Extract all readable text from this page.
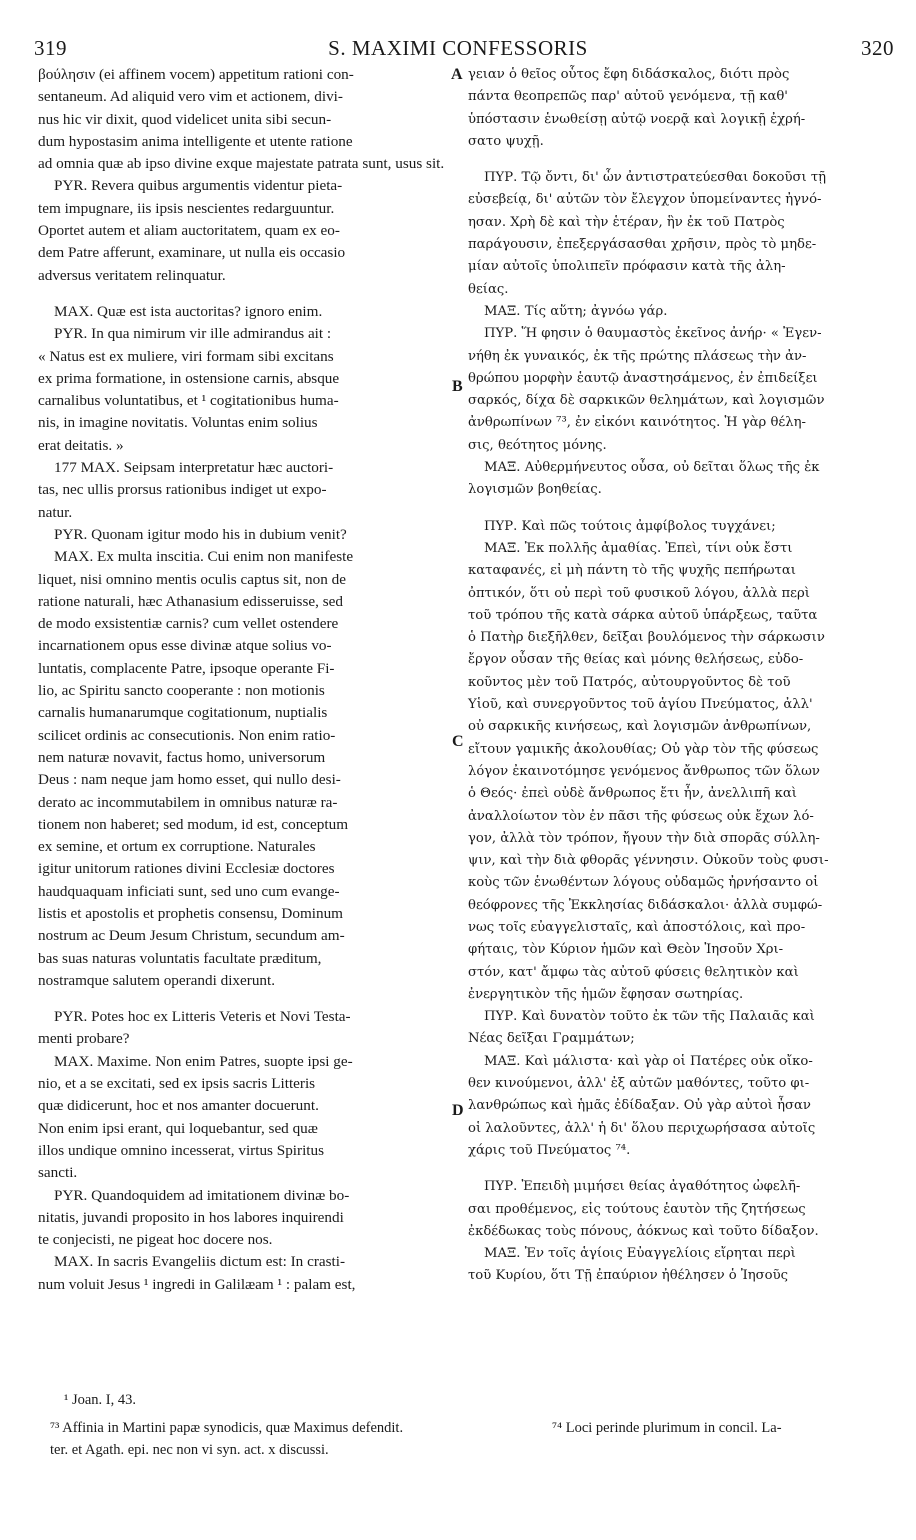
319	S. MAXIMI CONFESSORIS	320
βούλησιν (ei affinem vocem) appetitum rationi con-
sentaneum. Ad aliquid vero vim et actionem, divi-
nus hic vir dixit, quod videlicet unita sibi secun-
dum hypostasim anima intelligente et utente ratione
ad omnia quæ ab ipso divine exque majestate patrata sunt, usus sit.
PYR. Revera quibus argumentis videntur pieta-
tem impugnare, iis ipsis nescientes redarguuntur.
Oportet autem et aliam auctoritatem, quam ex eo-
dem Patre afferunt, examinare, ut nulla eis occasio
adversus veritatem relinquatur.
MAX. Quæ est ista auctoritas? ignoro enim.
PYR. In qua nimirum vir ille admirandus ait :
« Natus est ex muliere, viri formam sibi excitans
ex prima formatione, in ostensione carnis, absque
carnalibus voluntatibus, et ¹ cogitationibus huma-
nis, in imagine novitatis. Voluntas enim solius
erat deitatis. »
177 MAX. Seipsam interpretatur hæc auctori-
tas, nec ullis prorsus rationibus indiget ut expo-
natur.
PYR. Quonam igitur modo his in dubium venit?
MAX. Ex multa inscitia. Cui enim non manifeste
liquet, nisi omnino mentis oculis captus sit, non de
ratione naturali, hæc Athanasium edisseruisse, sed
de modo exsistentiæ carnis? cum vellet ostendere
incarnationem opus esse divinæ atque solius vo-
luntatis, complacente Patre, ipsoque operante Fi-
lio, ac Spiritu sancto cooperante : non motionis
carnalis humanarumque cogitationum, nuptialis
scilicet ordinis ac consecutionis. Non enim ratio-
nem naturæ novavit, factus homo, universorum
Deus : nam neque jam homo esset, qui nullo desi-
derato ac incommutabilem in omnibus naturæ ra-
tionem non haberet; sed modum, id est, conceptum
ex semine, et ortum ex corruptione. Naturales
igitur unitorum rationes divini Ecclesiæ doctores
haudquaquam inficiati sunt, sed uno cum evange-
listis et apostolis et prophetis consensu, Dominum
nostrum ac Deum Jesum Christum, secundum am-
bas suas naturas voluntatis facultate præditum,
nostramque salutem operandi dixerunt.
PYR. Potes hoc ex Litteris Veteris et Novi Testa-
menti probare?
MAX. Maxime. Non enim Patres, suopte ipsi ge-
nio, et a se excitati, sed ex ipsis sacris Litteris
quæ didicerunt, hoc et nos amanter docuerunt.
Non enim ipsi erant, qui loquebantur, sed quæ
illos undique omnino incesserat, virtus Spiritus
sancti.
PYR. Quandoquidem ad imitationem divinæ bo-
nitatis, juvandi proposito in hos labores inquirendi
te conjecisti, ne pigeat hoc docere nos.
MAX. In sacris Evangeliis dictum est: In crasti-
num voluit Jesus ¹ ingredi in Galilæam ¹ : palam est,
γειαν ὁ θεῖος οὗτος ἔφη διδάσκαλος, διότι πρὸς
πάντα θεοπρεπῶς παρ' αὐτοῦ γενόμενα, τῇ καθ'
ὑπόστασιν ἑνωθείσῃ αὐτῷ νοερᾷ καὶ λογικῇ ἐχρή-
σατο ψυχῇ.
ΠΥΡ. Τῷ ὄντι, δι' ὧν ἀντιστρατεύεσθαι δοκοῦσι τῇ
εὐσεβείᾳ, δι' αὐτῶν τὸν ἔλεγχον ὑπομείναντες ἠγνό-
ησαν. Χρὴ δὲ καὶ τὴν ἑτέραν, ἣν ἐκ τοῦ Πατρὸς
παράγουσιν, ἐπεξεργάσασθαι χρῆσιν, πρὸς τὸ μηδε-
μίαν αὐτοῖς ὑπολιπεῖν πρόφασιν κατὰ τῆς ἀλη-
θείας.
ΜΑΞ. Τίς αὕτη; ἀγνόω γάρ.
ΠΥΡ. Ἥ φησιν ὁ θαυμαστὸς ἐκεῖνος ἀνήρ· « Ἐγεν-
νήθη ἐκ γυναικός, ἐκ τῆς πρώτης πλάσεως τὴν ἀν-
θρώπου μορφὴν ἑαυτῷ ἀναστησάμενος, ἐν ἐπιδείξει
σαρκός, δίχα δὲ σαρκικῶν θελημάτων, καὶ λογισμῶν
ἀνθρωπίνων ⁷³, ἐν εἰκόνι καινότητος. Ἡ γὰρ θέλη-
σις, θεότητος μόνης.
ΜΑΞ. Αὐθερμήνευτος οὖσα, οὐ δεῖται ὅλως τῆς ἐκ
λογισμῶν βοηθείας.
ΠΥΡ. Καὶ πῶς τούτοις ἀμφίβολος τυγχάνει;
ΜΑΞ. Ἐκ πολλῆς ἀμαθίας. Ἐπεὶ, τίνι οὐκ ἔστι
καταφανές, εἰ μὴ πάντη τὸ τῆς ψυχῆς πεπήρωται
ὀπτικόν, ὅτι οὐ περὶ τοῦ φυσικοῦ λόγου, ἀλλὰ περὶ
τοῦ τρόπου τῆς κατὰ σάρκα αὐτοῦ ὑπάρξεως, ταῦτα
ὁ Πατὴρ διεξῆλθεν, δεῖξαι βουλόμενος τὴν σάρκωσιν
ἔργον οὖσαν τῆς θείας καὶ μόνης θελήσεως, εὐδο-
κοῦντος μὲν τοῦ Πατρός, αὐτουργοῦντος δὲ τοῦ
Υἱοῦ, καὶ συνεργοῦντος τοῦ ἁγίου Πνεύματος, ἀλλ'
οὐ σαρκικῆς κινήσεως, καὶ λογισμῶν ἀνθρωπίνων,
εἴτουν γαμικῆς ἀκολουθίας; Οὐ γὰρ τὸν τῆς φύσεως
λόγον ἐκαινοτόμησε γενόμενος ἄνθρωπος τῶν ὅλων
ὁ Θεός· ἐπεὶ οὐδὲ ἄνθρωπος ἔτι ἦν, ἀνελλιπῆ καὶ
ἀναλλοίωτον τὸν ἐν πᾶσι τῆς φύσεως οὐκ ἔχων λό-
γον, ἀλλὰ τὸν τρόπον, ἤγουν τὴν διὰ σπορᾶς σύλλη-
ψιν, καὶ τὴν διὰ φθορᾶς γέννησιν. Οὐκοῦν τοὺς φυσι-
κοὺς τῶν ἑνωθέντων λόγους οὐδαμῶς ἠρνήσαντο οἱ
θεόφρονες τῆς Ἐκκλησίας διδάσκαλοι· ἀλλὰ συμφώ-
νως τοῖς εὐαγγελισταῖς, καὶ ἀποστόλοις, καὶ προ-
φήταις, τὸν Κύριον ἡμῶν καὶ Θεὸν Ἰησοῦν Χρι-
στόν, κατ' ἄμφω τὰς αὐτοῦ φύσεις θελητικὸν καὶ
ἐνεργητικὸν τῆς ἡμῶν ἔφησαν σωτηρίας.
ΠΥΡ. Καὶ δυνατὸν τοῦτο ἐκ τῶν τῆς Παλαιᾶς καὶ
Νέας δεῖξαι Γραμμάτων;
ΜΑΞ. Καὶ μάλιστα· καὶ γὰρ οἱ Πατέρες οὐκ οἴκο-
θεν κινούμενοι, ἀλλ' ἐξ αὐτῶν μαθόντες, τοῦτο φι-
λανθρώπως καὶ ἡμᾶς ἐδίδαξαν. Οὐ γὰρ αὐτοὶ ἦσαν
οἱ λαλοῦντες, ἀλλ' ἡ δι' ὅλου περιχωρήσασα αὐτοῖς
χάρις τοῦ Πνεύματος ⁷⁴.
ΠΥΡ. Ἐπειδὴ μιμήσει θείας ἀγαθότητος ὠφελῆ-
σαι προθέμενος, εἰς τούτους ἑαυτὸν τῆς ζητήσεως
ἐκδέδωκας τοὺς πόνους, ἀόκνως καὶ τοῦτο δίδαξον.
ΜΑΞ. Ἐν τοῖς ἁγίοις Εὐαγγελίοις εἴρηται περὶ
τοῦ Κυρίου, ὅτι Τῇ ἐπαύριον ἠθέλησεν ὁ Ἰησοῦς
A
B
C
D
¹ Joan. I, 43.
⁷³ Affinia in Martini papæ synodicis, quæ Maximus defendit.
ter. et Agath. epi. nec non vi syn. act. x discussi.
⁷⁴ Loci perinde plurimum in concil. La-
